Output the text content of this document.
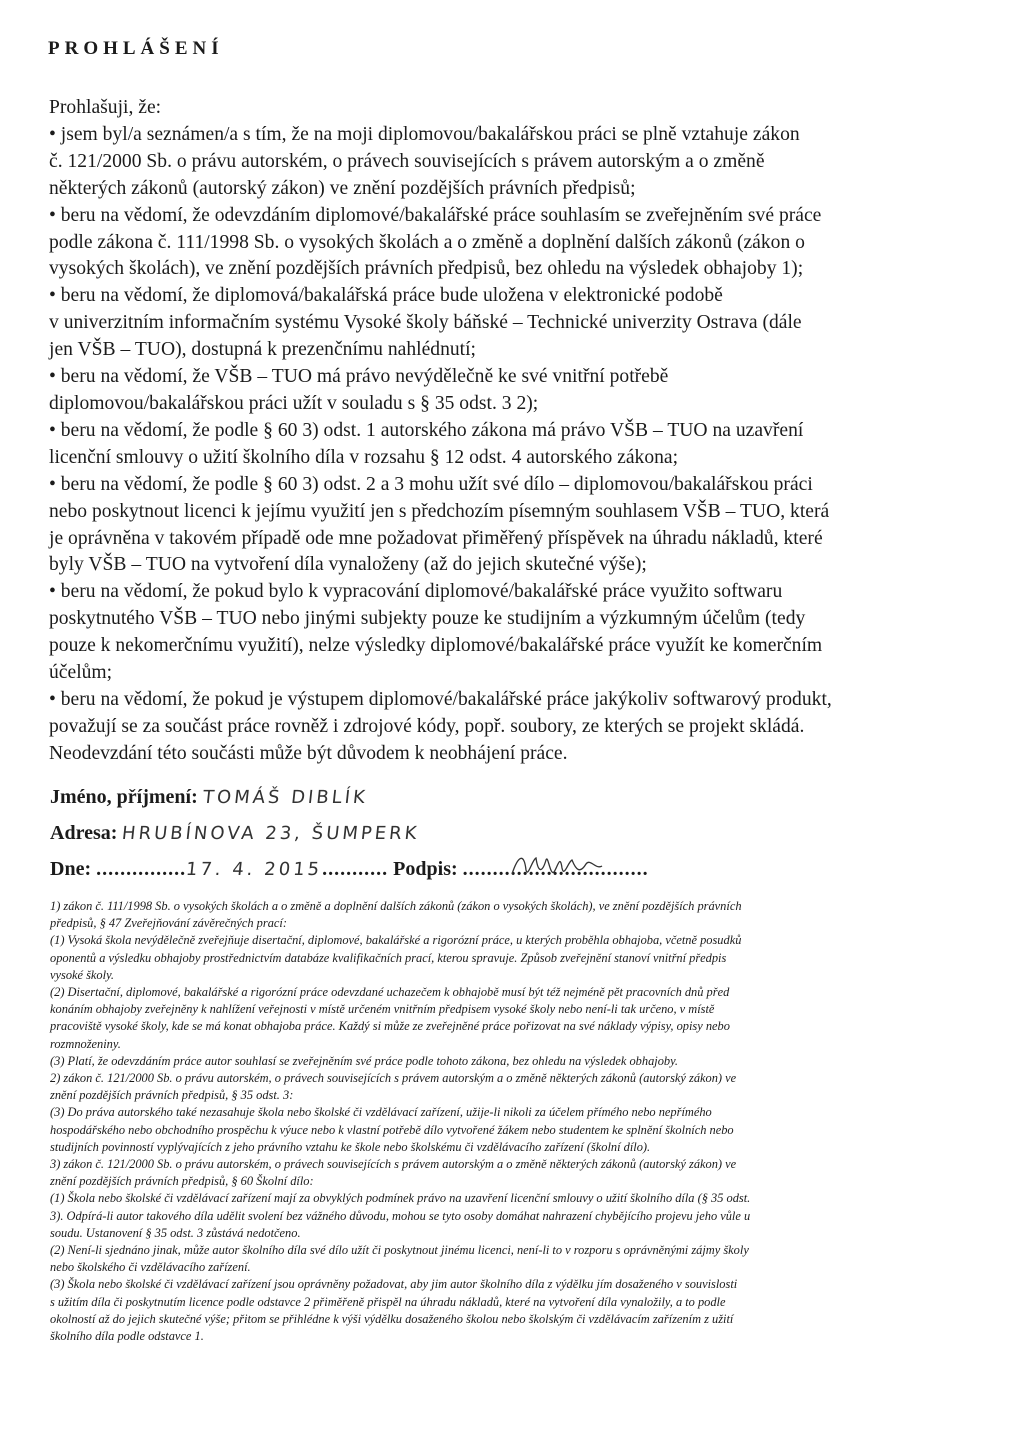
PROHLÁŠENÍ

Prohlašuji, že:

• jsem byl/a seznámen/a s tím, že na moji diplomovou/bakalářskou práci se plně vztahuje zákon

č. 121/2000 Sb. o právu autorském, o právech souvisejících s právem autorským a o změně

některých zákonů (autorský zákon) ve znění pozdějších právních předpisů;

• beru na vědomí, že odevzdáním diplomové/bakalářské práce souhlasím se zveřejněním své práce

podle zákona č. 111/1998 Sb. o vysokých školách a o změně a doplnění dalších zákonů (zákon o

vysokých školách), ve znění pozdějších právních předpisů, bez ohledu na výsledek obhajoby 1);

• beru na vědomí, že diplomová/bakalářská práce bude uložena v elektronické podobě

v univerzitním informačním systému Vysoké školy báňské – Technické univerzity Ostrava (dále

jen VŠB – TUO), dostupná k prezenčnímu nahlédnutí;

• beru na vědomí, že VŠB – TUO má právo nevýdělečně ke své vnitřní potřebě

diplomovou/bakalářskou práci užít v souladu s § 35 odst. 3 2);

• beru na vědomí, že podle § 60 3) odst. 1 autorského zákona má právo VŠB – TUO na uzavření

licenční smlouvy o užití školního díla v rozsahu § 12 odst. 4 autorského zákona;

• beru na vědomí, že podle § 60 3) odst. 2 a 3 mohu užít své dílo – diplomovou/bakalářskou práci

nebo poskytnout licenci k jejímu využití jen s předchozím písemným souhlasem VŠB – TUO, která

je oprávněna v takovém případě ode mne požadovat přiměřený příspěvek na úhradu nákladů, které

byly VŠB – TUO na vytvoření díla vynaloženy (až do jejich skutečné výše);

• beru na vědomí, že pokud bylo k vypracování diplomové/bakalářské práce využito softwaru

poskytnutého VŠB – TUO nebo jinými subjekty pouze ke studijním a výzkumným účelům (tedy

pouze k nekomerčnímu využití), nelze výsledky diplomové/bakalářské práce využít ke komerčním

účelům;

• beru na vědomí, že pokud je výstupem diplomové/bakalářské práce jakýkoliv softwarový produkt,

považují se za součást práce rovněž i zdrojové kódy, popř. soubory, ze kterých se projekt skládá.

Neodevzdání této součásti může být důvodem k neobhájení práce.

Jméno, příjmení: TOMÁŠ DIBLÍK
Adresa: HRUBÍNOVA 23, ŠUMPERK
Dne: ...............17. 4. 2015........... Podpis: ...............................

1) zákon č. 111/1998 Sb. o vysokých školách a o změně a doplnění dalších zákonů (zákon o vysokých školách), ve znění pozdějších právních

předpisů, § 47 Zveřejňování závěrečných prací:

(1) Vysoká škola nevýdělečně zveřejňuje disertační, diplomové, bakalářské a rigorózní práce, u kterých proběhla obhajoba, včetně posudků

oponentů a výsledku obhajoby prostřednictvím databáze kvalifikačních prací, kterou spravuje. Způsob zveřejnění stanoví vnitřní předpis

vysoké školy.

(2) Disertační, diplomové, bakalářské a rigorózní práce odevzdané uchazečem k obhajobě musí být též nejméně pět pracovních dnů před

konáním obhajoby zveřejněny k nahlížení veřejnosti v místě určeném vnitřním předpisem vysoké školy nebo není-li tak určeno, v místě

pracoviště vysoké školy, kde se má konat obhajoba práce. Každý si může ze zveřejněné práce pořizovat na své náklady výpisy, opisy nebo

rozmnoženiny.

(3) Platí, že odevzdáním práce autor souhlasí se zveřejněním své práce podle tohoto zákona, bez ohledu na výsledek obhajoby.

2) zákon č. 121/2000 Sb. o právu autorském, o právech souvisejících s právem autorským a o změně některých zákonů (autorský zákon) ve

znění pozdějších právních předpisů, § 35 odst. 3:

(3) Do práva autorského také nezasahuje škola nebo školské či vzdělávací zařízení, užije-li nikoli za účelem přímého nebo nepřímého

hospodářského nebo obchodního prospěchu k výuce nebo k vlastní potřebě dílo vytvořené žákem nebo studentem ke splnění školních nebo

studijních povinností vyplývajících z jeho právního vztahu ke škole nebo školskému či vzdělávacího zařízení (školní dílo).

3) zákon č. 121/2000 Sb. o právu autorském, o právech souvisejících s právem autorským a o změně některých zákonů (autorský zákon) ve

znění pozdějších právních předpisů, § 60 Školní dílo:

(1) Škola nebo školské či vzdělávací zařízení mají za obvyklých podmínek právo na uzavření licenční smlouvy o užití školního díla (§ 35 odst.

3). Odpírá-li autor takového díla udělit svolení bez vážného důvodu, mohou se tyto osoby domáhat nahrazení chybějícího projevu jeho vůle u

soudu. Ustanovení § 35 odst. 3 zůstává nedotčeno.

(2) Není-li sjednáno jinak, může autor školního díla své dílo užít či poskytnout jinému licenci, není-li to v rozporu s oprávněnými zájmy školy

nebo školského či vzdělávacího zařízení.

(3) Škola nebo školské či vzdělávací zařízení jsou oprávněny požadovat, aby jim autor školního díla z výdělku jím dosaženého v souvislosti

s užitím díla či poskytnutím licence podle odstavce 2 přiměřeně přispěl na úhradu nákladů, které na vytvoření díla vynaložily, a to podle

okolností až do jejich skutečné výše; přitom se přihlédne k výši výdělku dosaženého školou nebo školským či vzdělávacím zařízením z užití

školního díla podle odstavce 1.
